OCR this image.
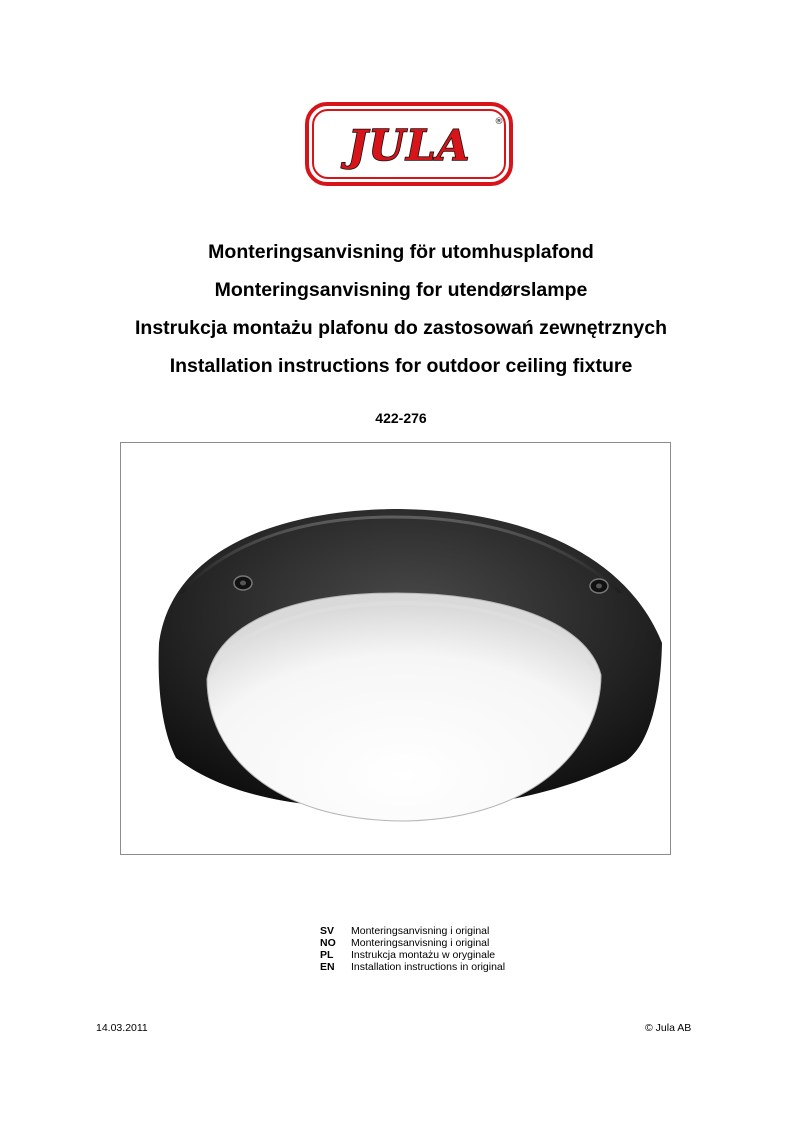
JULA	®
Monteringsanvisning för utomhusplafond
Monteringsanvisning for utendørslampe
Instrukcja montażu plafonu do zastosowań zewnętrznych
Installation instructions for outdoor ceiling fixture
422-276
SV	Monteringsanvisning i original
NO	Monteringsanvisning i original
PL	Instrukcja montażu w oryginale
EN	Installation instructions in original
14.03.2011	© Jula AB
